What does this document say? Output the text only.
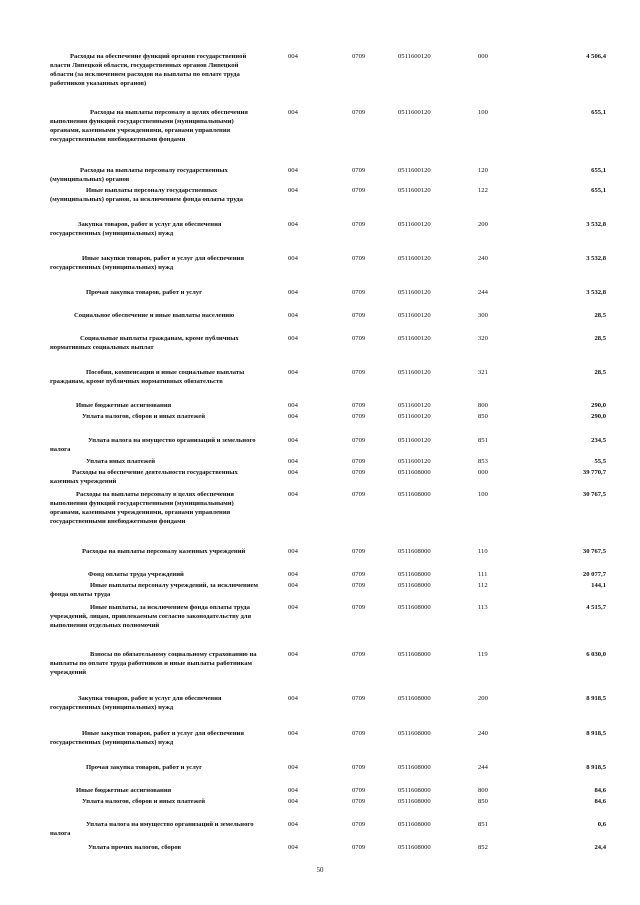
Расходы на обеспечение функций органов государственной власти Липецкой области, государственных органов Липецкой области (за исключением расходов на выплаты по оплате труда работников указанных органов)
004	0709	0511600120	000	4 506,4
Расходы на выплаты персоналу в целях обеспечения выполнения функций государственными (муниципальными) органами, казенными учреждениями, органами управления государственными внебюджетными фондами
004	0709	0511600120	100	655,1
Расходы на выплаты персоналу государственных (муниципальных) органов
004	0709	0511600120	120	655,1
Иные выплаты персоналу государственных (муниципальных) органов, за исключением фонда оплаты труда
004	0709	0511600120	122	655,1
Закупка товаров, работ и услуг для обеспечения государственных (муниципальных) нужд
004	0709	0511600120	200	3 532,8
Иные закупки товаров, работ и услуг для обеспечения государственных (муниципальных) нужд
004	0709	0511600120	240	3 532,8
Прочая закупка товаров, работ и услуг	004	0709	0511600120	244	3 532,8
Социальное обеспечение и иные выплаты населению	004	0709	0511600120	300	28,5
Социальные выплаты гражданам, кроме публичных нормативных социальных выплат
004	0709	0511600120	320	28,5
Пособия, компенсации и иные социальные выплаты гражданам, кроме публичных нормативных обязательств
004	0709	0511600120	321	28,5
Иные бюджетные ассигнования	004	0709	0511600120	800	290,0
Уплата налогов, сборов и иных платежей	004	0709	0511600120	850	290,0
Уплата налога на имущество организаций и земельного налога
004	0709	0511600120	851	234,5
Уплата иных платежей	004	0709	0511600120	853	55,5
Расходы на обеспечение деятельности государственных казенных учреждений
004	0709	0511608000	000	39 770,7
Расходы на выплаты персоналу в целях обеспечения выполнения функций государственными (муниципальными) органами, казенными учреждениями, органами управления государственными внебюджетными фондами
004	0709	0511608000	100	30 767,5
Расходы на выплаты персоналу казенных учреждений	004	0709	0511608000	110	30 767,5
Фонд оплаты труда учреждений	004	0709	0511608000	111	20 077,7
Иные выплаты персоналу учреждений, за исключением фонда оплаты труда
004	0709	0511608000	112	144,1
Иные выплаты, за исключением фонда оплаты труда учреждений, лицам, привлекаемым согласно законодательству для выполнения отдельных полномочий
004	0709	0511608000	113	4 515,7
Взносы по обязательному социальному страхованию на выплаты по оплате труда работников и иные выплаты работникам учреждений
004	0709	0511608000	119	6 030,0
Закупка товаров, работ и услуг для обеспечения государственных (муниципальных) нужд
004	0709	0511608000	200	8 918,5
Иные закупки товаров, работ и услуг для обеспечения государственных (муниципальных) нужд
004	0709	0511608000	240	8 918,5
Прочая закупка товаров, работ и услуг	004	0709	0511608000	244	8 918,5
Иные бюджетные ассигнования	004	0709	0511608000	800	84,6
Уплата налогов, сборов и иных платежей	004	0709	0511608000	850	84,6
Уплата налога на имущество организаций и земельного налога
004	0709	0511608000	851	0,6
Уплата прочих налогов, сборов	004	0709	0511608000	852	24,4
50
